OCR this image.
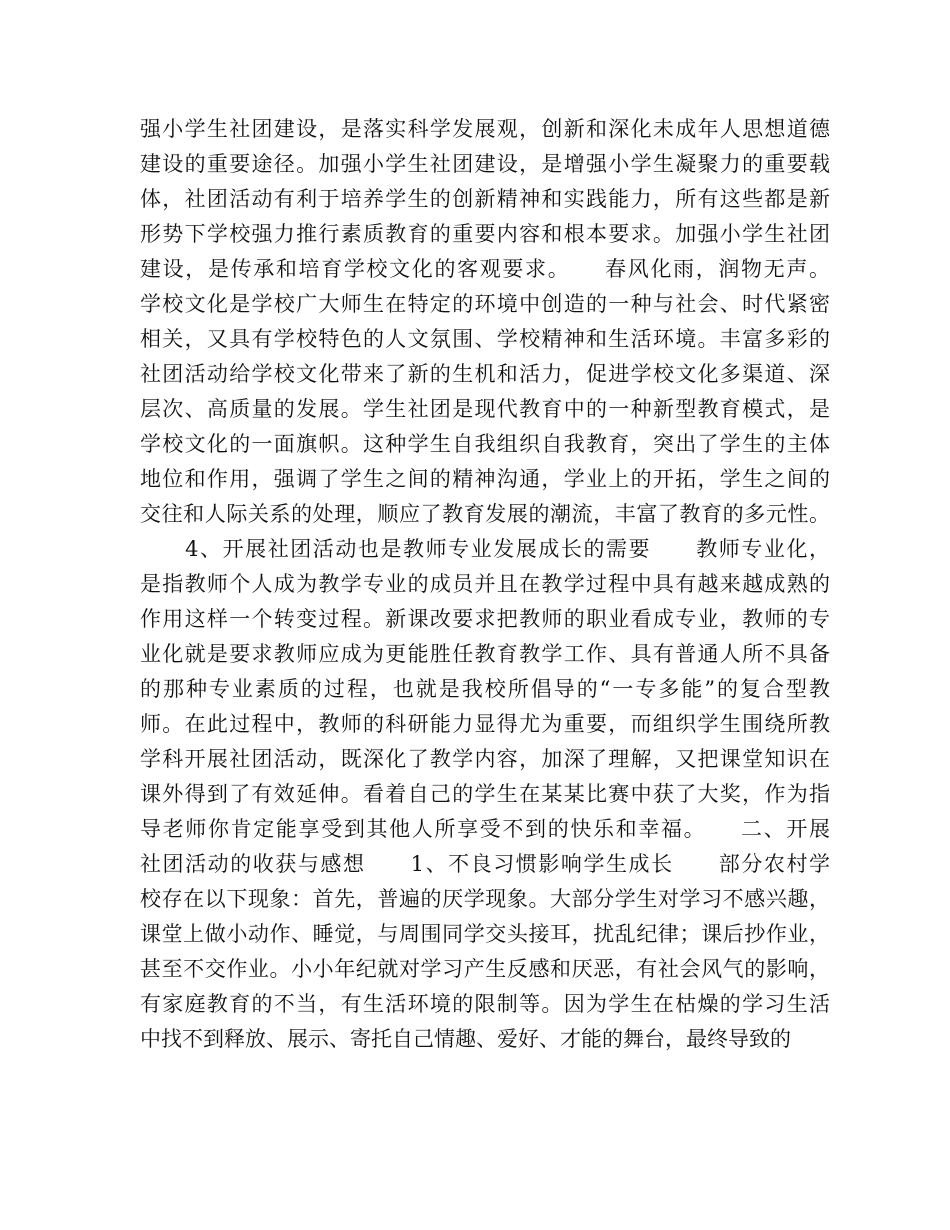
强小学生社团建设，是落实科学发展观，创新和深化未成年人思想道德
建设的重要途径。加强小学生社团建设，是增强小学生凝聚力的重要载
体，社团活动有利于培养学生的创新精神和实践能力，所有这些都是新
形势下学校强力推行素质教育的重要内容和根本要求。加强小学生社团
建设，是传承和培育学校文化的客观要求。　　春风化雨，润物无声。
学校文化是学校广大师生在特定的环境中创造的一种与社会、时代紧密
相关，又具有学校特色的人文氛围、学校精神和生活环境。丰富多彩的
社团活动给学校文化带来了新的生机和活力，促进学校文化多渠道、深
层次、高质量的发展。学生社团是现代教育中的一种新型教育模式，是
学校文化的一面旗帜。这种学生自我组织自我教育，突出了学生的主体
地位和作用，强调了学生之间的精神沟通，学业上的开拓，学生之间的
交往和人际关系的处理，顺应了教育发展的潮流，丰富了教育的多元性。
　　4、开展社团活动也是教师专业发展成长的需要　　教师专业化，
是指教师个人成为教学专业的成员并且在教学过程中具有越来越成熟的
作用这样一个转变过程。新课改要求把教师的职业看成专业，教师的专
业化就是要求教师应成为更能胜任教育教学工作、具有普通人所不具备
的那种专业素质的过程，也就是我校所倡导的“一专多能”的复合型教
师。在此过程中，教师的科研能力显得尤为重要，而组织学生围绕所教
学科开展社团活动，既深化了教学内容，加深了理解，又把课堂知识在
课外得到了有效延伸。看着自己的学生在某某比赛中获了大奖，作为指
导老师你肯定能享受到其他人所享受不到的快乐和幸福。　　二、开展
社团活动的收获与感想　　1、不良习惯影响学生成长　　部分农村学
校存在以下现象：首先，普遍的厌学现象。大部分学生对学习不感兴趣，
课堂上做小动作、睡觉，与周围同学交头接耳，扰乱纪律；课后抄作业，
甚至不交作业。小小年纪就对学习产生反感和厌恶，有社会风气的影响，
有家庭教育的不当，有生活环境的限制等。因为学生在枯燥的学习生活
中找不到释放、展示、寄托自己情趣、爱好、才能的舞台，最终导致的
